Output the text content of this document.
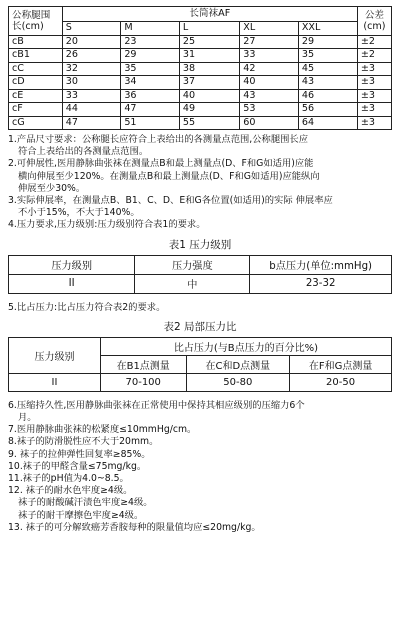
公称腿围
长(cm)	长筒袜AF					公差
(cm)
	S	M	L	XL	XXL	
cB	20	23	25	27	29	±2
cB1	26	29	31	33	35	±2
cC	32	35	38	42	45	±3
cD	30	34	37	40	43	±3
cE	33	36	40	43	46	±3
cF	44	47	49	53	56	±3
cG	47	51	55	60	64	±3
1.产品尺寸要求：公称腿长应符合上表给出的各测量点范围,公称腿围长应
符合上表给出的各测量点范围。
2.可伸展性,医用静脉曲张袜在测量点B和最上测量点(D、F和G如适用)应能
横向伸展至少120%。在测量点B和最上测量点(D、F和G如适用)应能纵向
伸展至少30%。
3.实际伸展率，在测量点B、B1、C、D、E和G各位置(如适用)的实际 伸展率应
不小于15%，不大于140%。
4.压力要求,压力级别:压力级别符合表1的要求。
表1 压力级别
压力级别	压力强度	b点压力(单位:mmHg)
II	中	23-32
5.比占压力:比占压力符合表2的要求。
表2 局部压力比
压力级别	比占压力(与B点压力的百分比%)		
	在B1点测量	在C和D点测量	在F和G点测量
II	70-100	50-80	20-50
6.压缩持久性,医用静脉曲张袜在正常使用中保持其相应级别的压缩力6个
月。
7.医用静脉曲张袜的松紧度≤10mmHg/cm。
8.袜子的防滑脱性应不大于20mm。
9. 袜子的拉伸弹性回复率≥85%。
10.袜子的甲醛含量≤75mg/kg。
11.袜子的pH值为4.0~8.5。
12. 袜子的耐水色牢度≥4级。
袜子的耐酸碱汗渍色牢度≥4级。
袜子的耐干摩擦色牢度≥4级。
13. 袜子的可分解致癌芳香胺每种的限量值均应≤20mg/kg。
